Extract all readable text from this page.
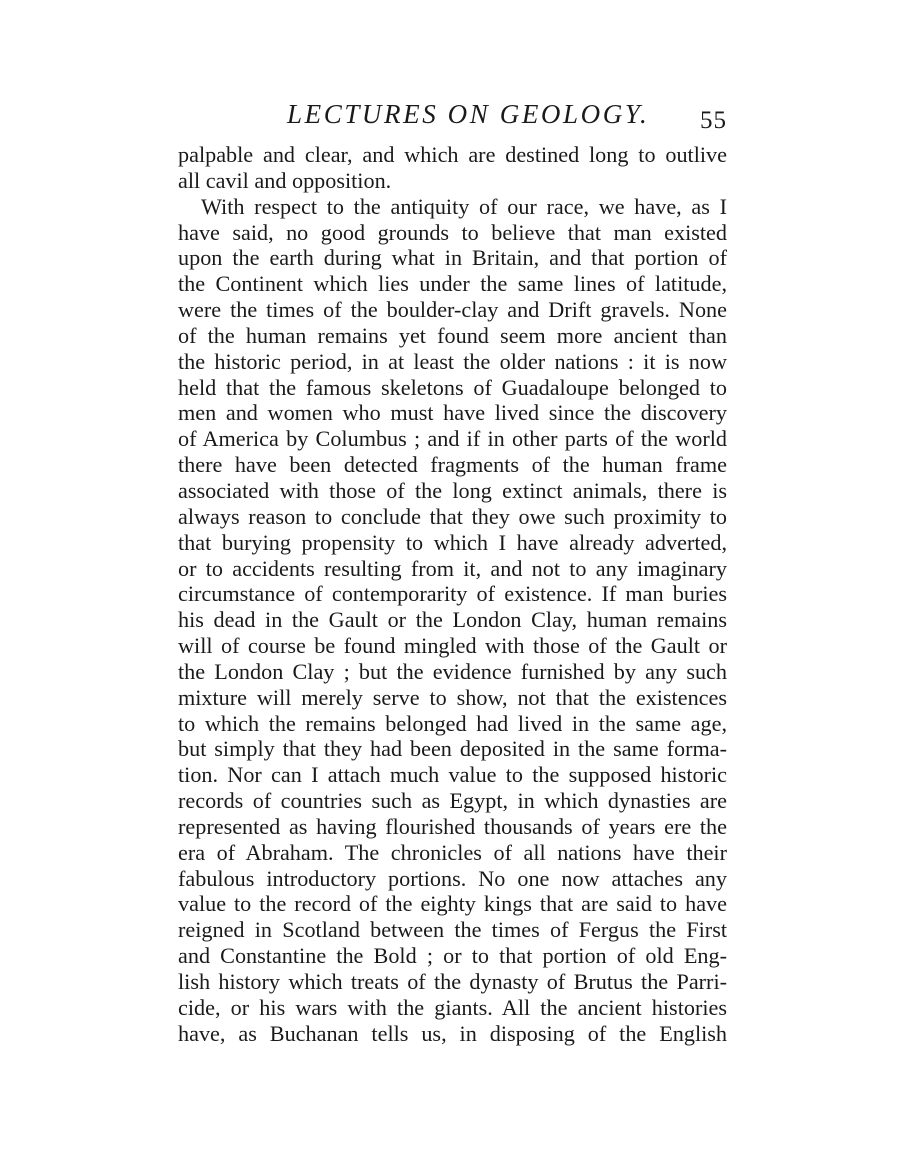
LECTURES ON GEOLOGY. 55
palpable and clear, and which are destined long to outlive
all cavil and opposition.
With respect to the antiquity of our race, we have, as I
have said, no good grounds to believe that man existed
upon the earth during what in Britain, and that portion of
the Continent which lies under the same lines of latitude,
were the times of the boulder-clay and Drift gravels. None
of the human remains yet found seem more ancient than
the historic period, in at least the older nations : it is now
held that the famous skeletons of Guadaloupe belonged to
men and women who must have lived since the discovery
of America by Columbus ; and if in other parts of the world
there have been detected fragments of the human frame
associated with those of the long extinct animals, there is
always reason to conclude that they owe such proximity to
that burying propensity to which I have already adverted,
or to accidents resulting from it, and not to any imaginary
circumstance of contemporarity of existence. If man buries
his dead in the Gault or the London Clay, human remains
will of course be found mingled with those of the Gault or
the London Clay ; but the evidence furnished by any such
mixture will merely serve to show, not that the existences
to which the remains belonged had lived in the same age,
but simply that they had been deposited in the same forma-
tion. Nor can I attach much value to the supposed historic
records of countries such as Egypt, in which dynasties are
represented as having flourished thousands of years ere the
era of Abraham. The chronicles of all nations have their
fabulous introductory portions. No one now attaches any
value to the record of the eighty kings that are said to have
reigned in Scotland between the times of Fergus the First
and Constantine the Bold ; or to that portion of old Eng-
lish history which treats of the dynasty of Brutus the Parri-
cide, or his wars with the giants. All the ancient histories
have, as Buchanan tells us, in disposing of the English
